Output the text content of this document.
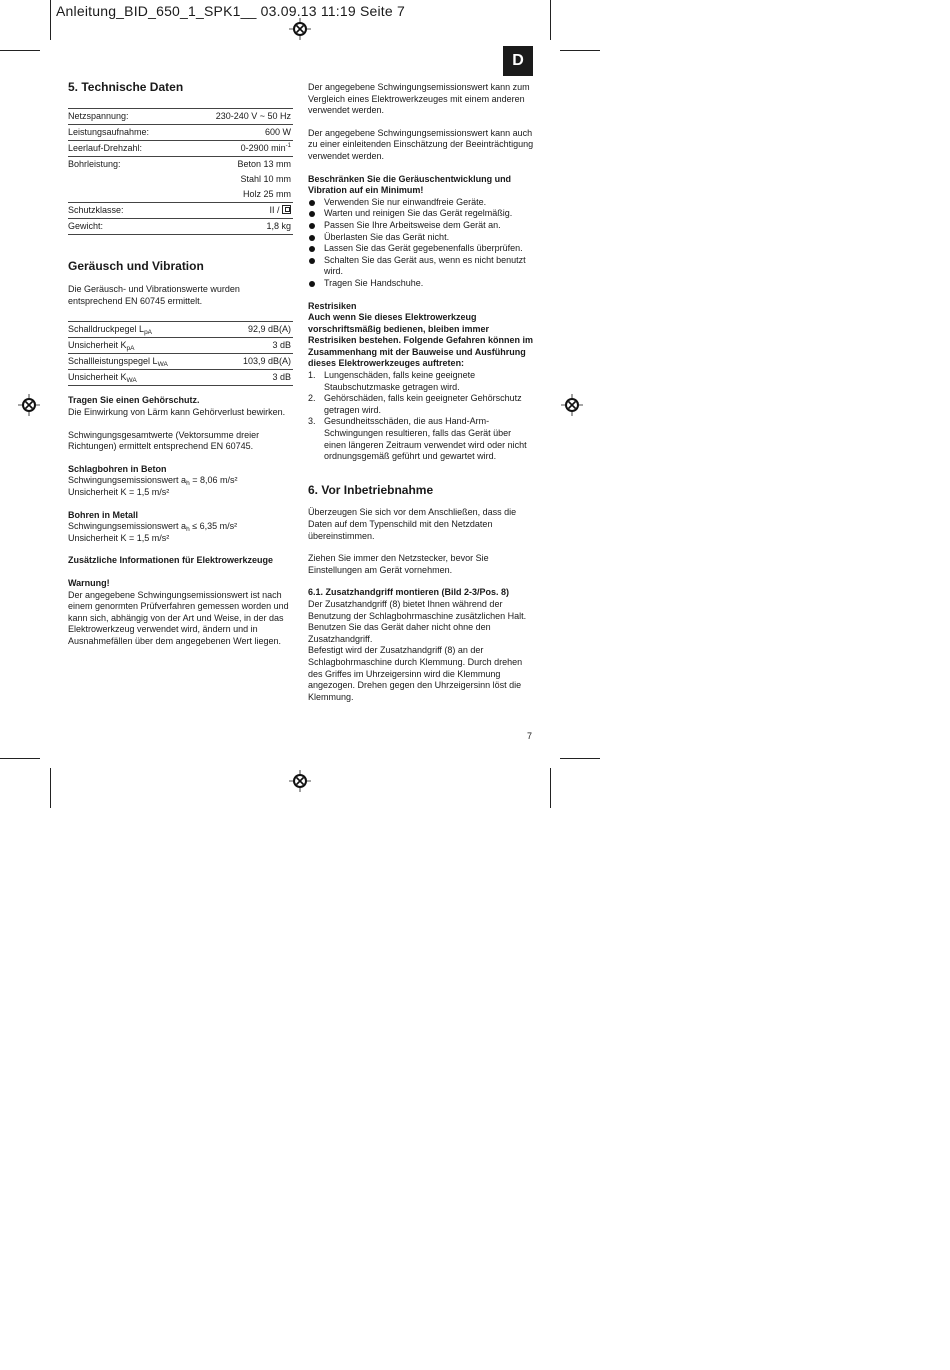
Anleitung_BID_650_1_SPK1__ 03.09.13 11:19 Seite 7
D
5. Technische Daten
Netzspannung:	230-240 V ~ 50 Hz
Leistungsaufnahme:	600 W
Leerlauf-Drehzahl:	0-2900 $\min^{-1}$
Bohrleistung:	Beton 13 mm
	Stahl 10 mm
	Holz 25 mm
Schutzklasse:	II /
Gewicht:	1,8 kg
Geräusch und Vibration

Die Geräusch- und Vibrationswerte wurden entsprechend EN 60745 ermittelt.

Schalldruckpegel $L_{pA}$	92,9 dB(A)
Unsicherheit $K_{pA}$	3 dB
Schallleistungspegel $L_{WA}$	103,9 dB(A)
Unsicherheit $K_{WA}$	3 dB

Tragen Sie einen Gehörschutz.

Die Einwirkung von Lärm kann Gehörverlust bewirken.

Schwingungsgesamtwerte (Vektorsumme dreier Richtungen) ermittelt entsprechend EN 60745.

Schlagbohren in Beton

Schwingungsemissionswert $a_h = 8,06$ m/s²

Unsicherheit K = 1,5 m/s²

Bohren in Metall

Schwingungsemissionswert $a_h \le 6,35$ m/s²

Unsicherheit K = 1,5 m/s²

Zusätzliche Informationen für Elektrowerkzeuge

Warnung!

Der angegebene Schwingungsemissionswert ist nach einem genormten Prüfverfahren gemessen worden und kann sich, abhängig von der Art und Weise, in der das Elektrowerkzeug verwendet wird, ändern und in Ausnahmefällen über dem angegebenen Wert liegen.

Der angegebene Schwingungsemissionswert kann zum Vergleich eines Elektrowerkzeuges mit einem anderen verwendet werden.

Der angegebene Schwingungsemissionswert kann auch zu einer einleitenden Einschätzung der Beeinträchtigung verwendet werden.

Beschränken Sie die Geräuschentwicklung und Vibration auf ein Minimum!

Verwenden Sie nur einwandfreie Geräte.
Warten und reinigen Sie das Gerät regelmäßig.
Passen Sie Ihre Arbeitsweise dem Gerät an.
Überlasten Sie das Gerät nicht.
Lassen Sie das Gerät gegebenenfalls überprüfen.
Schalten Sie das Gerät aus, wenn es nicht benutzt wird.
Tragen Sie Handschuhe.

Restrisiken

Auch wenn Sie dieses Elektrowerkzeug vorschriftsmäßig bedienen, bleiben immer Restrisiken bestehen. Folgende Gefahren können im Zusammenhang mit der Bauweise und Ausführung dieses Elektrowerkzeuges auftreten:

1. Lungenschäden, falls keine geeignete Staubschutzmaske getragen wird.
2. Gehörschäden, falls kein geeigneter Gehörschutz getragen wird.
3. Gesundheitsschäden, die aus Hand-Arm-Schwingungen resultieren, falls das Gerät über einen längeren Zeitraum verwendet wird oder nicht ordnungsgemäß geführt und gewartet wird.
6. Vor Inbetriebnahme

Überzeugen Sie sich vor dem Anschließen, dass die Daten auf dem Typenschild mit den Netzdaten übereinstimmen.

Ziehen Sie immer den Netzstecker, bevor Sie Einstellungen am Gerät vornehmen.

6.1. Zusatzhandgriff montieren (Bild 2-3/Pos. 8)

Der Zusatzhandgriff (8) bietet Ihnen während der Benutzung der Schlagbohrmaschine zusätzlichen Halt. Benutzen Sie das Gerät daher nicht ohne den Zusatzhandgriff.

Befestigt wird der Zusatzhandgriff (8) an der Schlagbohrmaschine durch Klemmung. Durch drehen des Griffes im Uhrzeigersinn wird die Klemmung angezogen. Drehen gegen den Uhrzeigersinn löst die Klemmung.

7
